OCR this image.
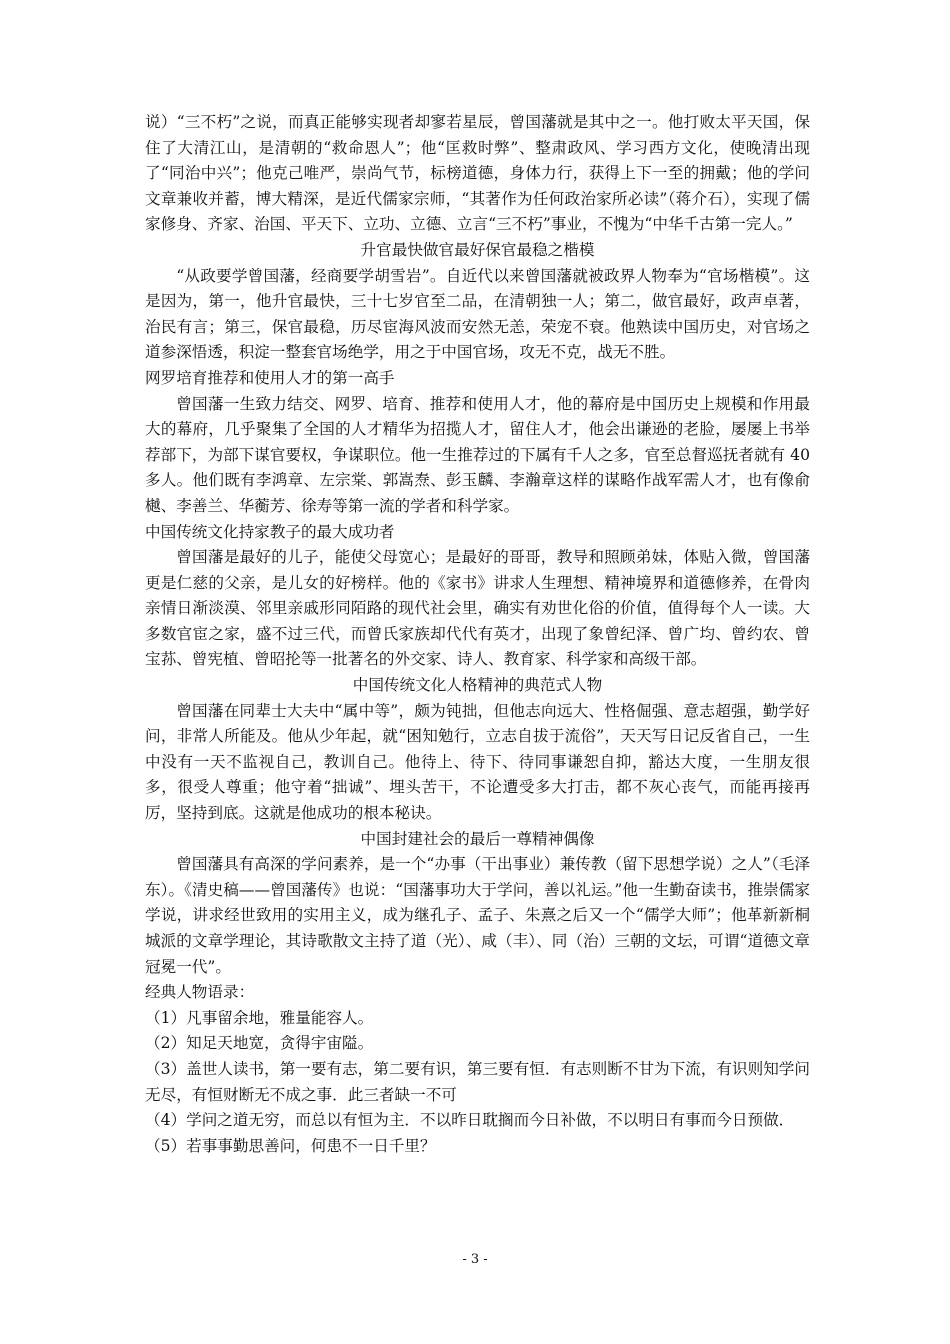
说）“三不朽”之说，而真正能够实现者却寥若星辰，曾国藩就是其中之一。他打败太平天国，保住了大清江山，是清朝的“救命恩人”；他“匡救时弊”、整肃政风、学习西方文化，使晚清出现了“同治中兴”；他克己唯严，崇尚气节，标榜道德，身体力行，获得上下一至的拥戴；他的学问文章兼收并蓄，博大精深，是近代儒家宗师，“其著作为任何政治家所必读”（蒋介石），实现了儒家修身、齐家、治国、平天下、立功、立德、立言“三不朽”事业，不愧为“中华千古第一完人。”

升官最快做官最好保官最稳之楷模

“从政要学曾国藩，经商要学胡雪岩”。自近代以来曾国藩就被政界人物奉为“官场楷模”。这是因为，第一，他升官最快，三十七岁官至二品，在清朝独一人；第二，做官最好，政声卓著，治民有言；第三，保官最稳，历尽宦海风波而安然无恙，荣宠不衰。他熟读中国历史，对官场之道参深悟透，积淀一整套官场绝学，用之于中国官场，攻无不克，战无不胜。

网罗培育推荐和使用人才的第一高手

曾国藩一生致力结交、网罗、培育、推荐和使用人才，他的幕府是中国历史上规模和作用最大的幕府，几乎聚集了全国的人才精华为招揽人才，留住人才，他会出谦逊的老脸，屡屡上书举荐部下，为部下谋官要权，争谋职位。他一生推荐过的下属有千人之多，官至总督巡抚者就有 40 多人。他们既有李鸿章、左宗棠、郭嵩焘、彭玉麟、李瀚章这样的谋略作战军需人才，也有像俞樾、李善兰、华蘅芳、徐寿等第一流的学者和科学家。

中国传统文化持家教子的最大成功者

曾国藩是最好的儿子，能使父母宽心；是最好的哥哥，教导和照顾弟妹，体贴入微，曾国藩更是仁慈的父亲，是儿女的好榜样。他的《家书》讲求人生理想、精神境界和道德修养，在骨肉亲情日渐淡漠、邻里亲戚形同陌路的现代社会里，确实有劝世化俗的价值，值得每个人一读。大多数官宦之家，盛不过三代，而曾氏家族却代代有英才，出现了象曾纪泽、曾广均、曾约农、曾宝荪、曾宪植、曾昭抡等一批著名的外交家、诗人、教育家、科学家和高级干部。

中国传统文化人格精神的典范式人物

曾国藩在同辈士大夫中“属中等”，颇为钝拙，但他志向远大、性格倔强、意志超强，勤学好问，非常人所能及。他从少年起，就“困知勉行，立志自拔于流俗”，天天写日记反省自己，一生中没有一天不监视自己，教训自己。他待上、待下、待同事谦恕自抑，豁达大度，一生朋友很多，很受人尊重；他守着“拙诚”、埋头苦干，不论遭受多大打击，都不灰心丧气，而能再接再厉，坚持到底。这就是他成功的根本秘诀。

中国封建社会的最后一尊精神偶像

曾国藩具有高深的学问素养，是一个“办事（干出事业）兼传教（留下思想学说）之人”（毛泽东）。《清史稿——曾国藩传》也说：“国藩事功大于学问，善以礼运。”他一生勤奋读书，推崇儒家学说，讲求经世致用的实用主义，成为继孔子、孟子、朱熹之后又一个“儒学大师”；他革新新桐城派的文章学理论，其诗歌散文主持了道（光）、咸（丰）、同（治）三朝的文坛，可谓“道德文章冠冕一代”。

经典人物语录：

（1）凡事留余地，雅量能容人。

（2）知足天地宽，贪得宇宙隘。

（3）盖世人读书，第一要有志，第二要有识，第三要有恒．有志则断不甘为下流，有识则知学问无尽，有恒财断无不成之事．此三者缺一不可

（4）学问之道无穷，而总以有恒为主．不以昨日耽搁而今日补做，不以明日有事而今日预做．

（5）若事事勤思善问，何患不一日千里？

- 3 -
